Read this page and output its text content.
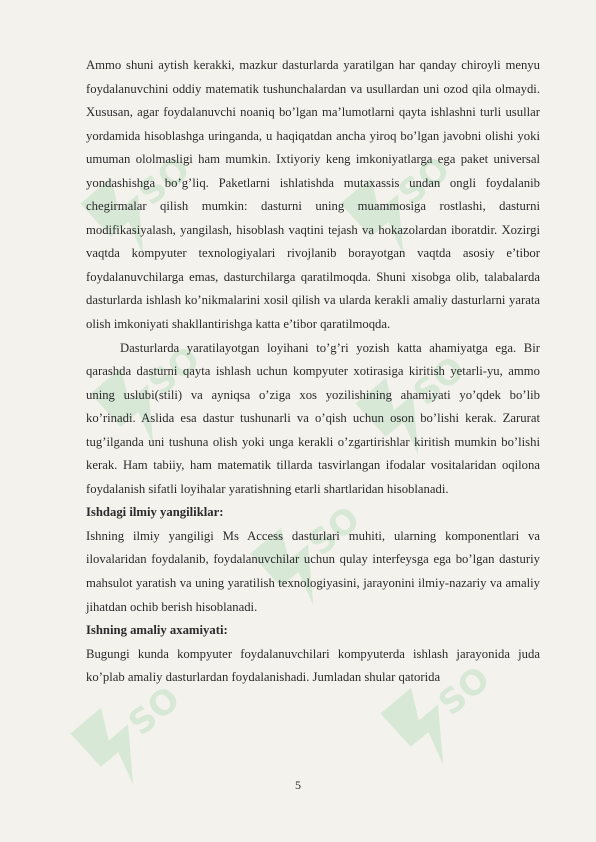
SO	SO
SO	SO
SO
SO	SO

Ammo shuni aytish kerakki, mazkur dasturlarda yaratilgan har qanday chiroyli menyu foydalanuvchini oddiy matematik tushunchalardan va usullardan uni ozod qila olmaydi. Xususan, agar foydalanuvchi noaniq bo’lgan ma’lumotlarni qayta ishlashni turli usullar yordamida hisoblashga uringanda, u haqiqatdan ancha yiroq bo’lgan javobni olishi yoki umuman ololmasligi ham mumkin. Ixtiyoriy keng imkoniyatlarga ega paket universal yondashishga bo’g’liq. Paketlarni ishlatishda mutaxassis undan ongli foydalanib chegirmalar qilish mumkin: dasturni uning muammosiga rostlashi, dasturni modifikasiyalash, yangilash, hisoblash vaqtini tejash va hokazolardan iboratdir. Xozirgi vaqtda kompyuter texnologiyalari rivojlanib borayotgan vaqtda asosiy e’tibor foydalanuvchilarga emas, dasturchilarga qaratilmoqda. Shuni xisobga olib, talabalarda dasturlarda ishlash ko’nikmalarini xosil qilish va ularda kerakli amaliy dasturlarni yarata olish imkoniyati shakllantirishga katta e’tibor qaratilmoqda.

Dasturlarda yaratilayotgan loyihani to’g’ri yozish katta ahamiyatga ega. Bir qarashda dasturni qayta ishlash uchun kompyuter xotirasiga kiritish yetarli-yu, ammo uning uslubi(stili) va ayniqsa o’ziga xos yozilishining ahamiyati yo’qdek bo’lib ko’rinadi. Aslida esa dastur tushunarli va o’qish uchun oson bo’lishi kerak. Zarurat tug’ilganda uni tushuna olish yoki unga kerakli o’zgartirishlar kiritish mumkin bo’lishi kerak. Ham tabiiy, ham matematik tillarda tasvirlangan ifodalar vositalaridan oqilona foydalanish sifatli loyihalar yaratishning etarli shartlaridan hisoblanadi.

Ishdagi ilmiy yangiliklar:

Ishning ilmiy yangiligi Ms Access dasturlari muhiti, ularning komponentlari va ilovalaridan foydalanib, foydalanuvchilar uchun qulay interfeysga ega bo’lgan dasturiy mahsulot yaratish va uning yaratilish texnologiyasini, jarayonini ilmiy-nazariy va amaliy jihatdan ochib berish hisoblanadi.

Ishning amaliy axamiyati:

Bugungi kunda kompyuter foydalanuvchilari kompyuterda ishlash jarayonida juda ko’plab amaliy dasturlardan foydalanishadi. Jumladan shular qatorida

5
